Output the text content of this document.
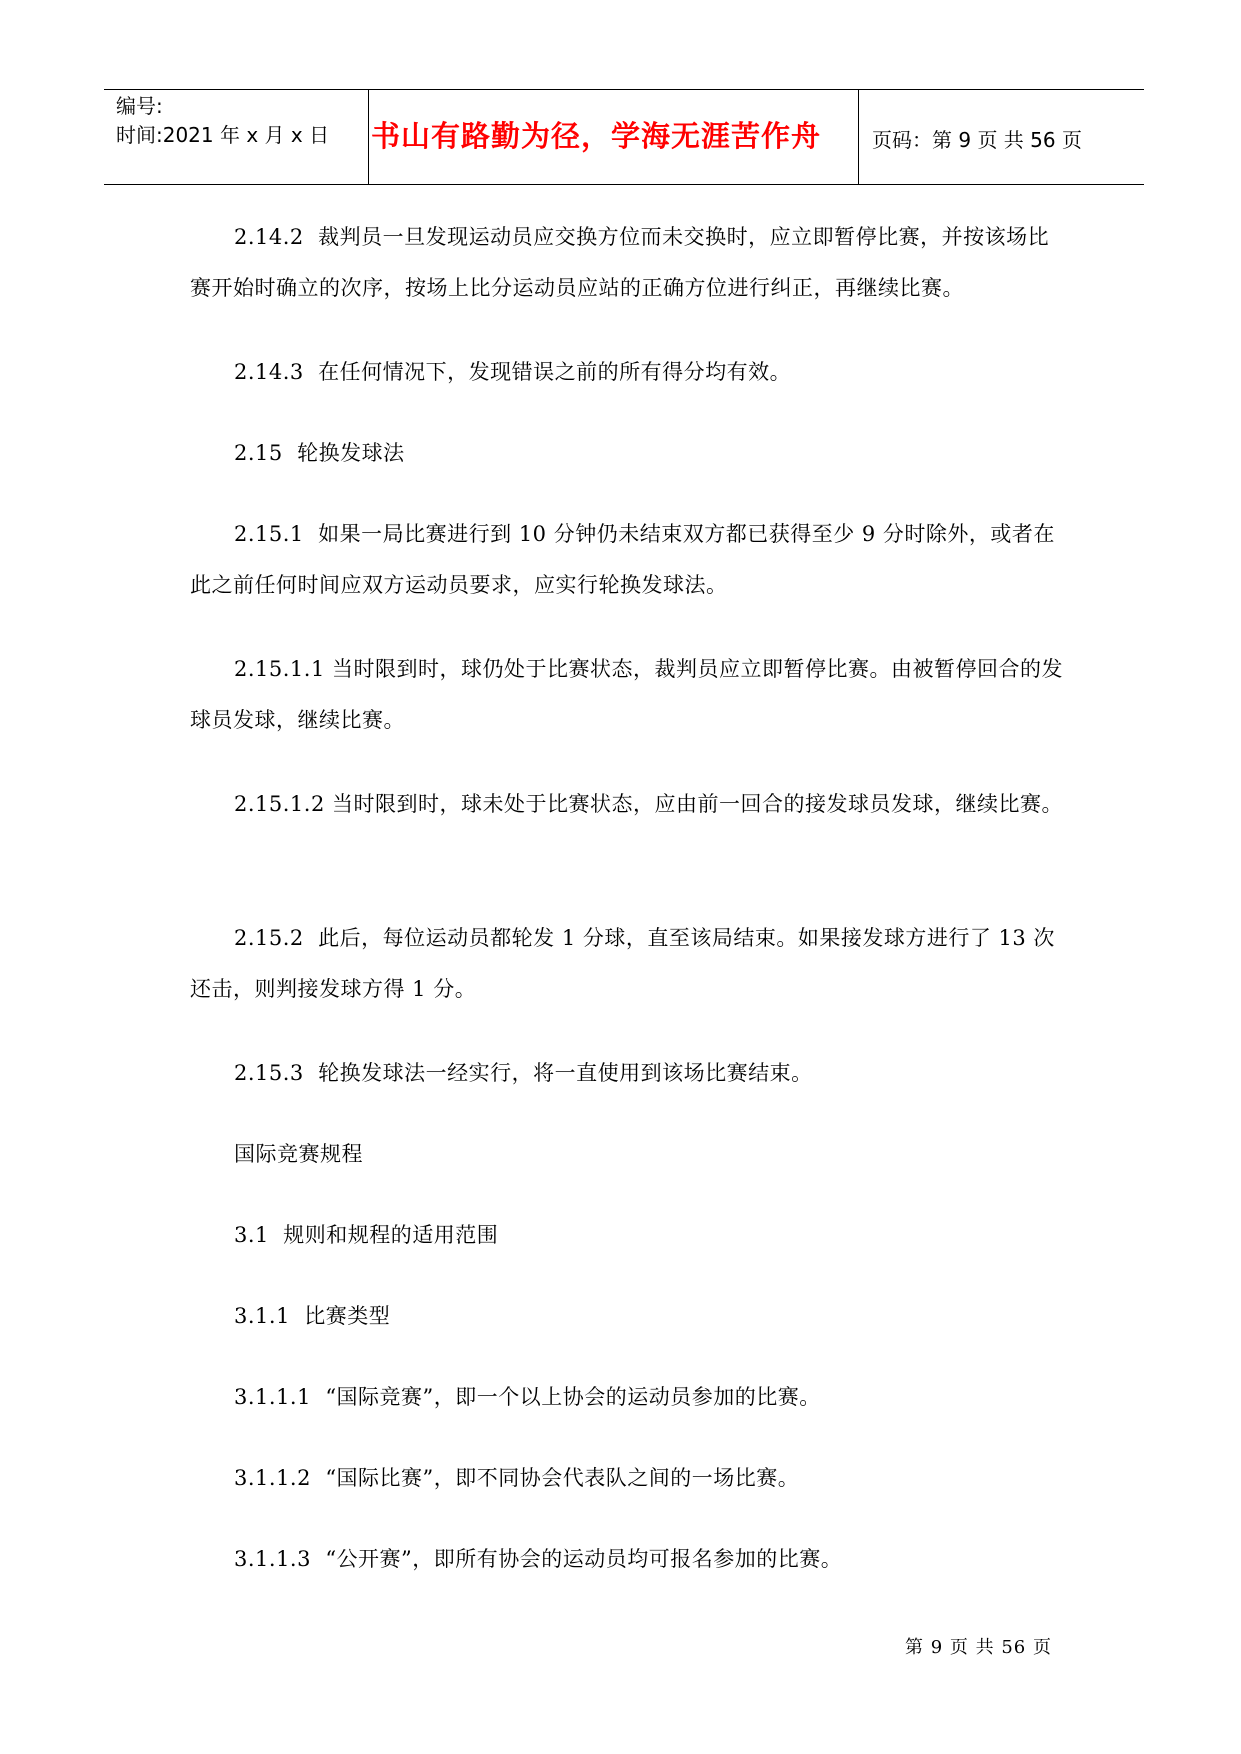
编号:
时间:2021 年 x 月 x 日 书山有路勤为径，学海无涯苦作舟	页码：第 9 页 共 56 页
2.14.2  裁判员一旦发现运动员应交换方位而未交换时，应立即暂停比赛，并按该场比赛开始时确立的次序，按场上比分运动员应站的正确方位进行纠正，再继续比赛。
2.14.3  在任何情况下，发现错误之前的所有得分均有效。
2.15  轮换发球法
2.15.1  如果一局比赛进行到 10 分钟仍未结束双方都已获得至少 9 分时除外，或者在此之前任何时间应双方运动员要求，应实行轮换发球法。
2.15.1.1 当时限到时，球仍处于比赛状态，裁判员应立即暂停比赛。由被暂停回合的发球员发球，继续比赛。
2.15.1.2 当时限到时，球未处于比赛状态，应由前一回合的接发球员发球，继续比赛。
2.15.2  此后，每位运动员都轮发 1 分球，直至该局结束。如果接发球方进行了 13 次还击，则判接发球方得 1 分。
2.15.3  轮换发球法一经实行，将一直使用到该场比赛结束。
国际竞赛规程
3.1  规则和规程的适用范围
3.1.1  比赛类型
3.1.1.1  “国际竞赛”，即一个以上协会的运动员参加的比赛。
3.1.1.2  “国际比赛”，即不同协会代表队之间的一场比赛。
3.1.1.3  “公开赛”，即所有协会的运动员均可报名参加的比赛。
第 9 页 共 56 页
